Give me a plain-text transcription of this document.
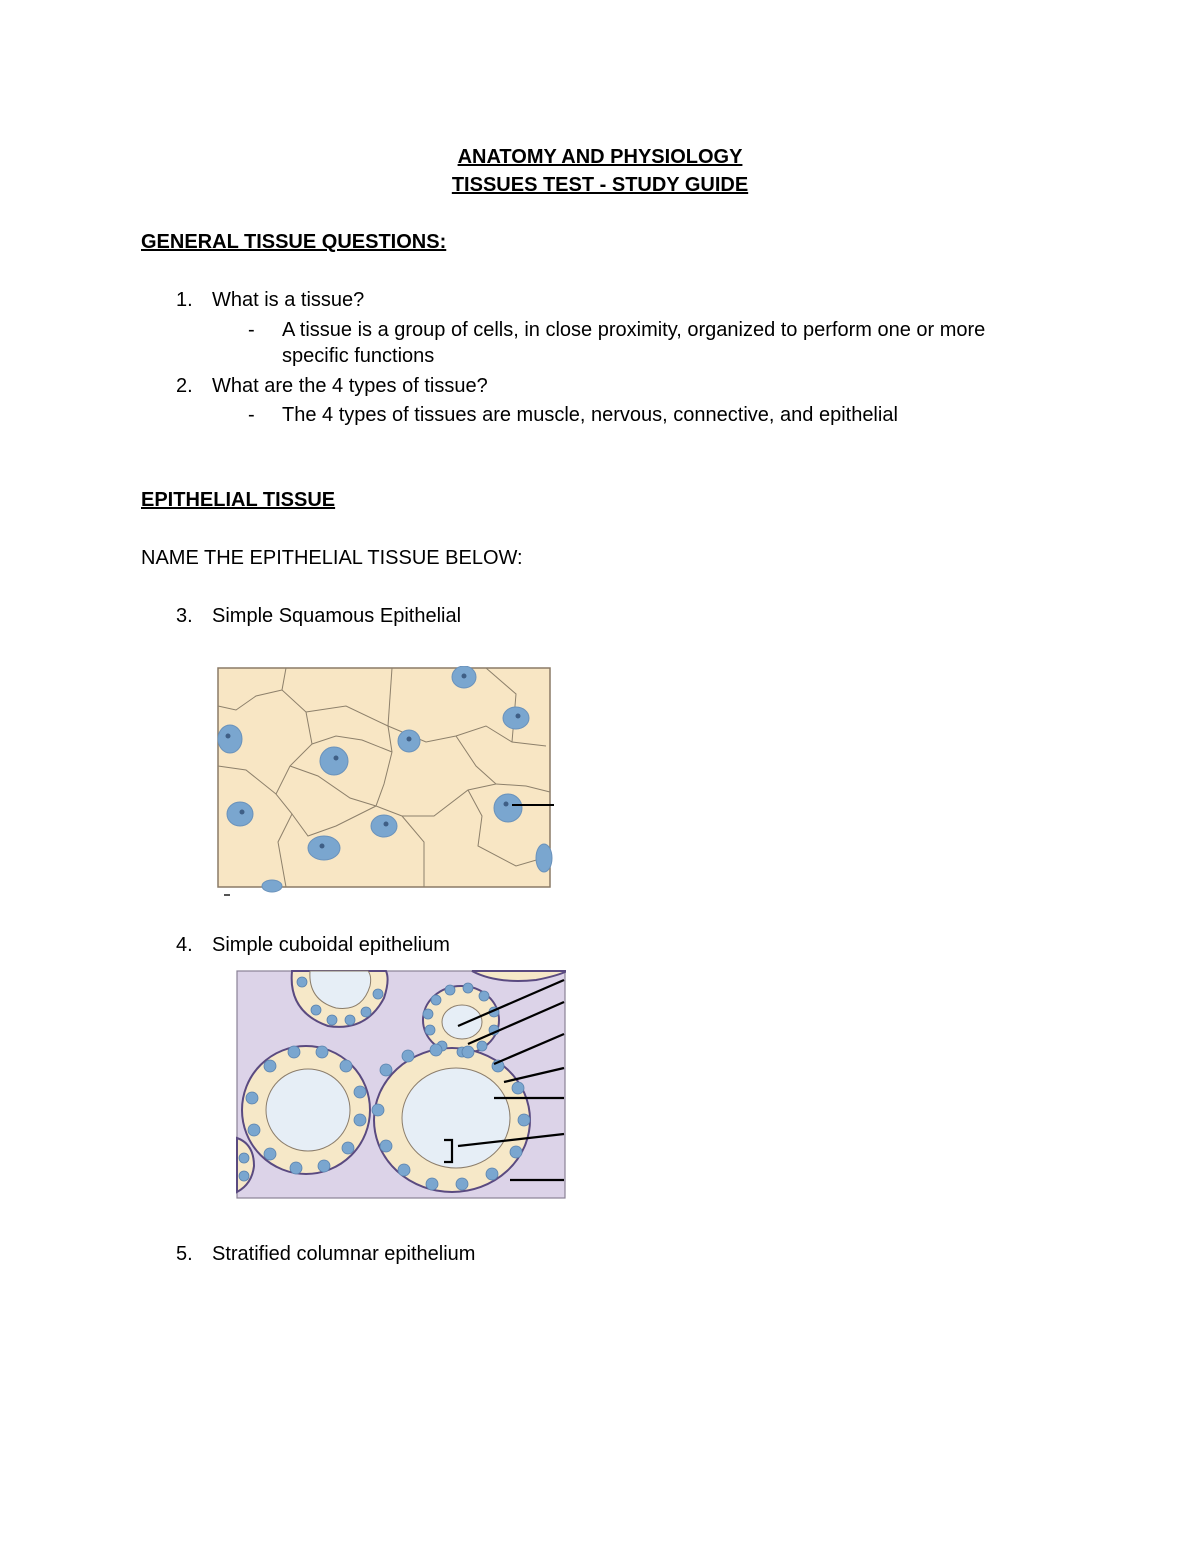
ANATOMY AND PHYSIOLOGY
TISSUES TEST - STUDY GUIDE
GENERAL TISSUE QUESTIONS:
1. What is a tissue?
- A tissue is a group of cells, in close proximity, organized to perform one or more
specific functions
2. What are the 4 types of tissue?
- The 4 types of tissues are muscle, nervous, connective, and epithelial
EPITHELIAL TISSUE
NAME THE EPITHELIAL TISSUE BELOW:
3. Simple Squamous Epithelial
4. Simple cuboidal epithelium
5. Stratified columnar epithelium
